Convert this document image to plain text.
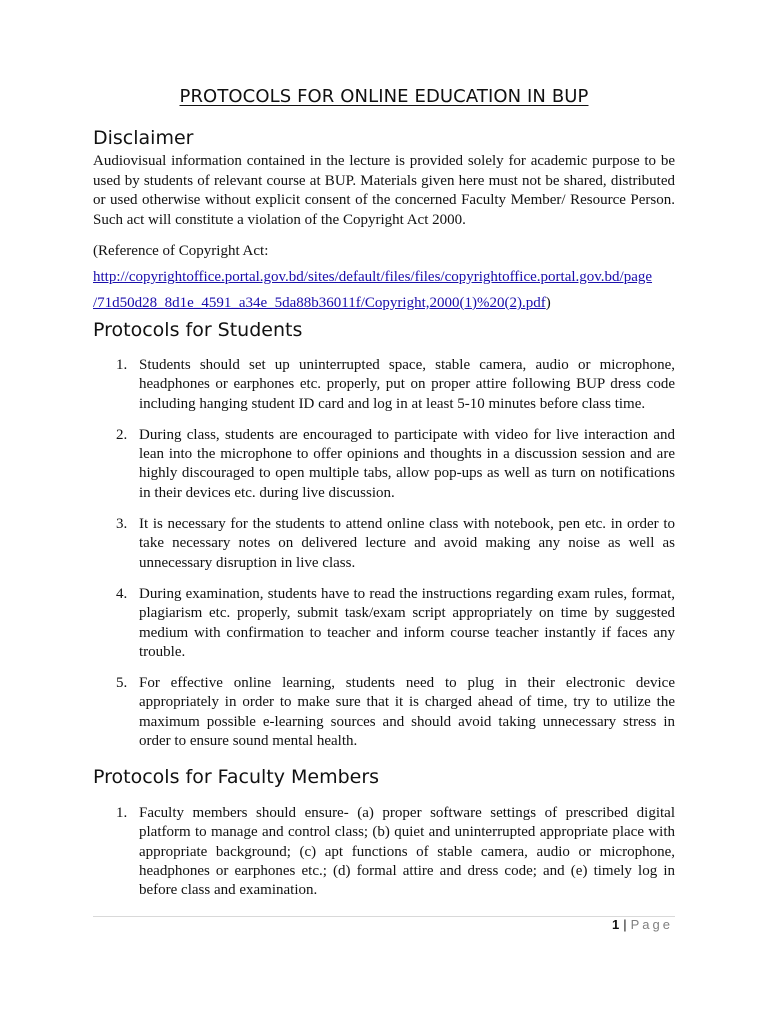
PROTOCOLS FOR ONLINE EDUCATION IN BUP
Disclaimer
Audiovisual information contained in the lecture is provided solely for academic purpose to be used by students of relevant course at BUP. Materials given here must not be shared, distributed or used otherwise without explicit consent of the concerned Faculty Member/ Resource Person. Such act will constitute a violation of the Copyright Act 2000.
(Reference of Copyright Act:
http://copyrightoffice.portal.gov.bd/sites/default/files/files/copyrightoffice.portal.gov.bd/page
/71d50d28_8d1e_4591_a34e_5da88b36011f/Copyright,2000(1)%20(2).pdf)
Protocols for Students
1. Students should set up uninterrupted space, stable camera, audio or microphone, headphones or earphones etc. properly, put on proper attire following BUP dress code including hanging student ID card and log in at least 5-10 minutes before class time.
2. During class, students are encouraged to participate with video for live interaction and lean into the microphone to offer opinions and thoughts in a discussion session and are highly discouraged to open multiple tabs, allow pop-ups as well as turn on notifications in their devices etc. during live discussion.
3. It is necessary for the students to attend online class with notebook, pen etc. in order to take necessary notes on delivered lecture and avoid making any noise as well as unnecessary disruption in live class.
4. During examination, students have to read the instructions regarding exam rules, format, plagiarism etc. properly, submit task/exam script appropriately on time by suggested medium with confirmation to teacher and inform course teacher instantly if faces any trouble.
5. For effective online learning, students need to plug in their electronic device appropriately in order to make sure that it is charged ahead of time, try to utilize the maximum possible e-learning sources and should avoid taking unnecessary stress in order to ensure sound mental health.
Protocols for Faculty Members
1. Faculty members should ensure- (a) proper software settings of prescribed digital platform to manage and control class; (b) quiet and uninterrupted appropriate place with appropriate background; (c) apt functions of stable camera, audio or microphone, headphones or earphones etc.; (d) formal attire and dress code; and (e) timely log in before class and examination.
1 | Page
